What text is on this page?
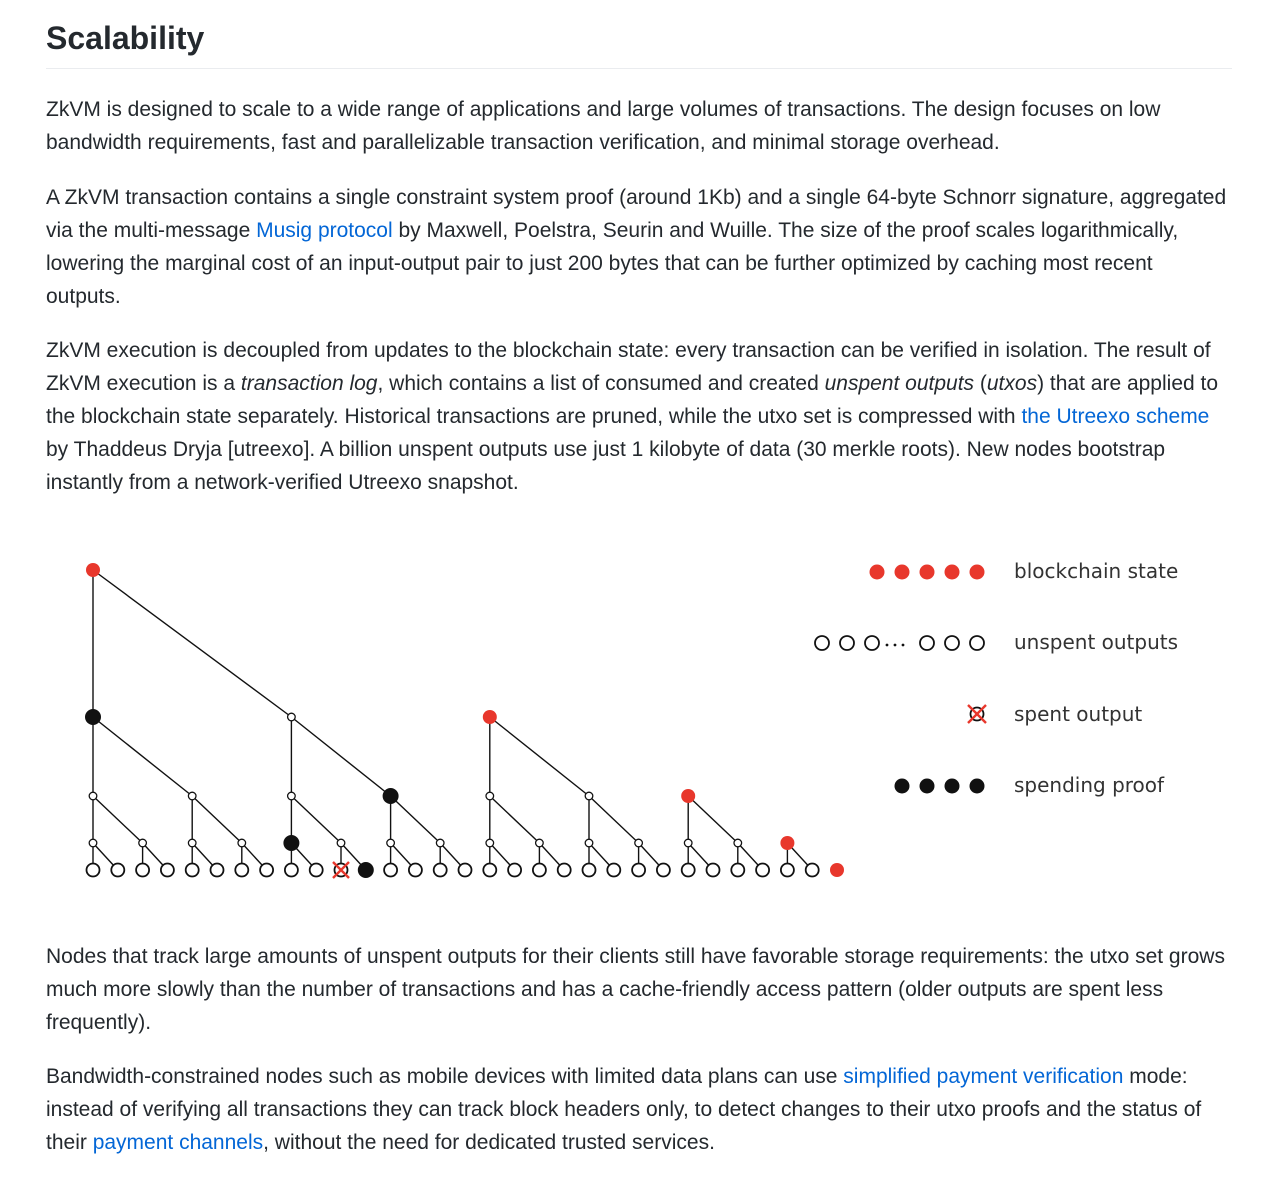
Scalability

ZkVM is designed to scale to a wide range of applications and large volumes of transactions. The design focuses on low bandwidth requirements, fast and parallelizable transaction verification, and minimal storage overhead.

A ZkVM transaction contains a single constraint system proof (around 1Kb) and a single 64-byte Schnorr signature, aggregated via the multi-message Musig protocol by Maxwell, Poelstra, Seurin and Wuille. The size of the proof scales logarithmically, lowering the marginal cost of an input-output pair to just 200 bytes that can be further optimized by caching most recent outputs.

ZkVM execution is decoupled from updates to the blockchain state: every transaction can be verified in isolation. The result of ZkVM execution is a transaction log, which contains a list of consumed and created unspent outputs (utxos) that are applied to the blockchain state separately. Historical transactions are pruned, while the utxo set is compressed with the Utreexo scheme by Thaddeus Dryja [utreexo]. A billion unspent outputs use just 1 kilobyte of data (30 merkle roots). New nodes bootstrap instantly from a network-verified Utreexo snapshot.

Nodes that track large amounts of unspent outputs for their clients still have favorable storage requirements: the utxo set grows much more slowly than the number of transactions and has a cache-friendly access pattern (older outputs are spent less frequently).

Bandwidth-constrained nodes such as mobile devices with limited data plans can use simplified payment verification mode: instead of verifying all transactions they can track block headers only, to detect changes to their utxo proofs and the status of their payment channels, without the need for dedicated trusted services.

blockchain state
unspent outputs
spent output
spending proof
